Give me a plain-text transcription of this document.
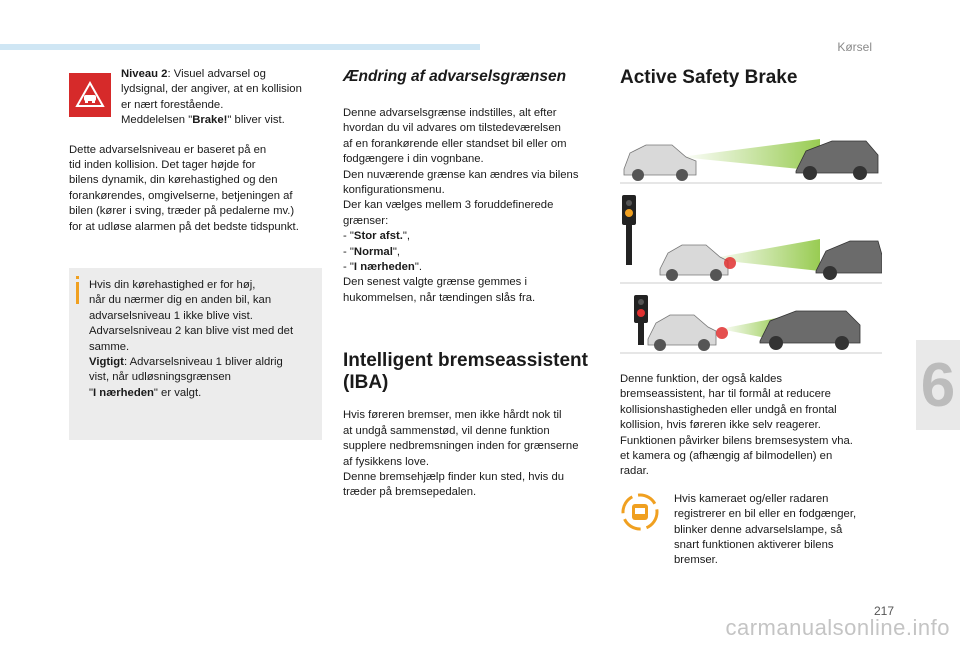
Kørsel
6
217
carmanualsonline.info

Niveau 2: Visuel advarsel og

lydsignal, der angiver, at en kollision

er nært forestående.

Meddelelsen "Brake!" bliver vist.

Dette advarselsniveau er baseret på en

tid inden kollision. Det tager højde for

bilens dynamik, din kørehastighed og den

forankørendes, omgivelserne, betjeningen af

bilen (kører i sving, træder på pedalerne mv.)

for at udløse alarmen på det bedste tidspunkt.

Hvis din kørehastighed er for høj,

når du nærmer dig en anden bil, kan

advarselsniveau 1 ikke blive vist.

Advarselsniveau 2 kan blive vist med det

samme.

Vigtigt: Advarselsniveau 1 bliver aldrig

vist, når udløsningsgrænsen

"I nærheden" er valgt.

Ændring af advarselsgrænsen

Denne advarselsgrænse indstilles, alt efter

hvordan du vil advares om tilstedeværelsen

af en forankørende eller standset bil eller om

fodgængere i din vognbane.

Den nuværende grænse kan ændres via bilens

konfigurationsmenu.

Der kan vælges mellem 3 foruddefinerede

grænser:

- "Stor afst.",

- "Normal",

- "I nærheden".

Den senest valgte grænse gemmes i

hukommelsen, når tændingen slås fra.

Intelligent bremseassistent
(IBA)

Hvis føreren bremser, men ikke hårdt nok til

at undgå sammenstød, vil denne funktion

supplere nedbremsningen inden for grænserne

af fysikkens love.

Denne bremsehjælp finder kun sted, hvis du

træder på bremsepedalen.

Active Safety Brake

Denne funktion, der også kaldes

bremseassistent, har til formål at reducere

kollisionshastigheden eller undgå en frontal

kollision, hvis føreren ikke selv reagerer.

Funktionen påvirker bilens bremsesystem vha.

et kamera og (afhængig af bilmodellen) en

radar.

Hvis kameraet og/eller radaren

registrerer en bil eller en fodgænger,

blinker denne advarselslampe, så

snart funktionen aktiverer bilens

bremser.
